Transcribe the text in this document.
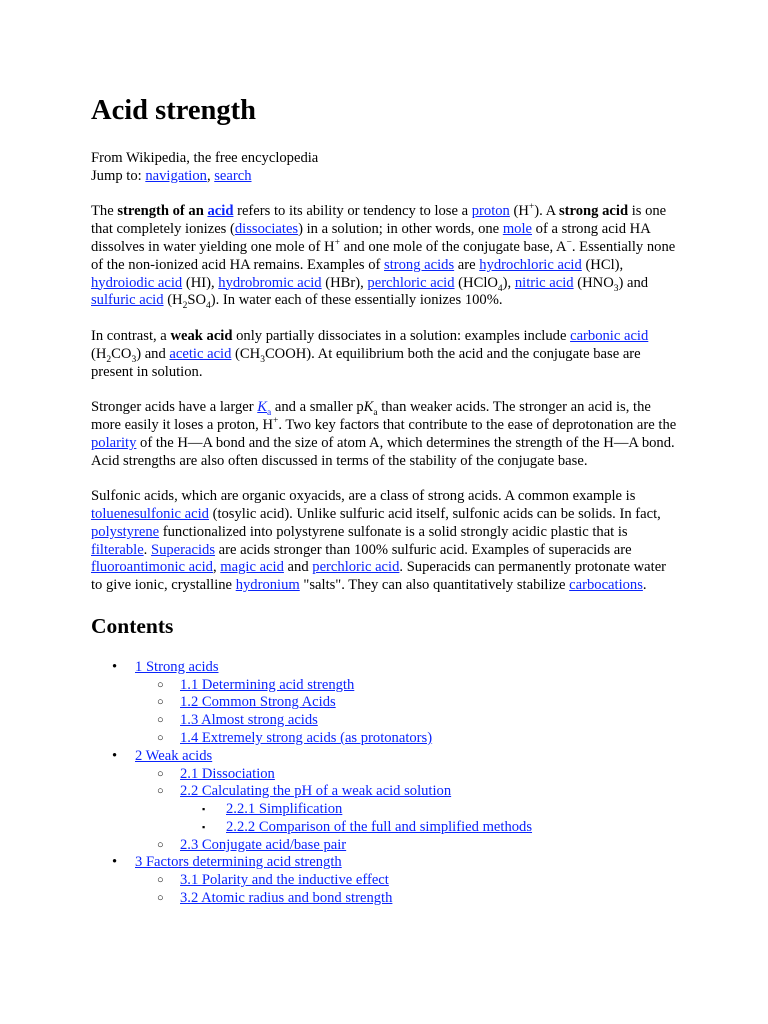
Acid strength
From Wikipedia, the free encyclopedia
Jump to: navigation, search

The strength of an acid refers to its ability or tendency to lose a proton (H+). A strong acid is one that completely ionizes (dissociates) in a solution; in other words, one mole of a strong acid HA dissolves in water yielding one mole of H+ and one mole of the conjugate base, A−. Essentially none of the non-ionized acid HA remains. Examples of strong acids are hydrochloric acid (HCl), hydroiodic acid (HI), hydrobromic acid (HBr), perchloric acid (HClO$_4$), nitric acid $(HNO_3)$ and sulfuric acid $(H_2SO_4)$. In water each of these essentially ionizes 100%.

In contrast, a weak acid only partially dissociates in a solution: examples include carbonic acid $(H_2CO_3)$ and acetic acid $(CH_3COOH)$. At equilibrium both the acid and the conjugate base are present in solution.

Stronger acids have a larger $K_a$ and a smaller $pK_a$ than weaker acids. The stronger an acid is, the more easily it loses a proton, H+. Two key factors that contribute to the ease of deprotonation are the polarity of the H—A bond and the size of atom A, which determines the strength of the H—A bond. Acid strengths are also often discussed in terms of the stability of the conjugate base.

Sulfonic acids, which are organic oxyacids, are a class of strong acids. A common example is toluenesulfonic acid (tosylic acid). Unlike sulfuric acid itself, sulfonic acids can be solids. In fact, polystyrene functionalized into polystyrene sulfonate is a solid strongly acidic plastic that is filterable. Superacids are acids stronger than 100% sulfuric acid. Examples of superacids are fluoroantimonic acid, magic acid and perchloric acid. Superacids can permanently protonate water to give ionic, crystalline hydronium "salts". They can also quantitatively stabilize carbocations.

Contents
• 1 Strong acids
○ 1.1 Determining acid strength
○ 1.2 Common Strong Acids
○ 1.3 Almost strong acids
○ 1.4 Extremely strong acids (as protonators)
• 2 Weak acids
○ 2.1 Dissociation
○ 2.2 Calculating the pH of a weak acid solution
▪ 2.2.1 Simplification
▪ 2.2.2 Comparison of the full and simplified methods
○ 2.3 Conjugate acid/base pair
• 3 Factors determining acid strength
○ 3.1 Polarity and the inductive effect
○ 3.2 Atomic radius and bond strength
